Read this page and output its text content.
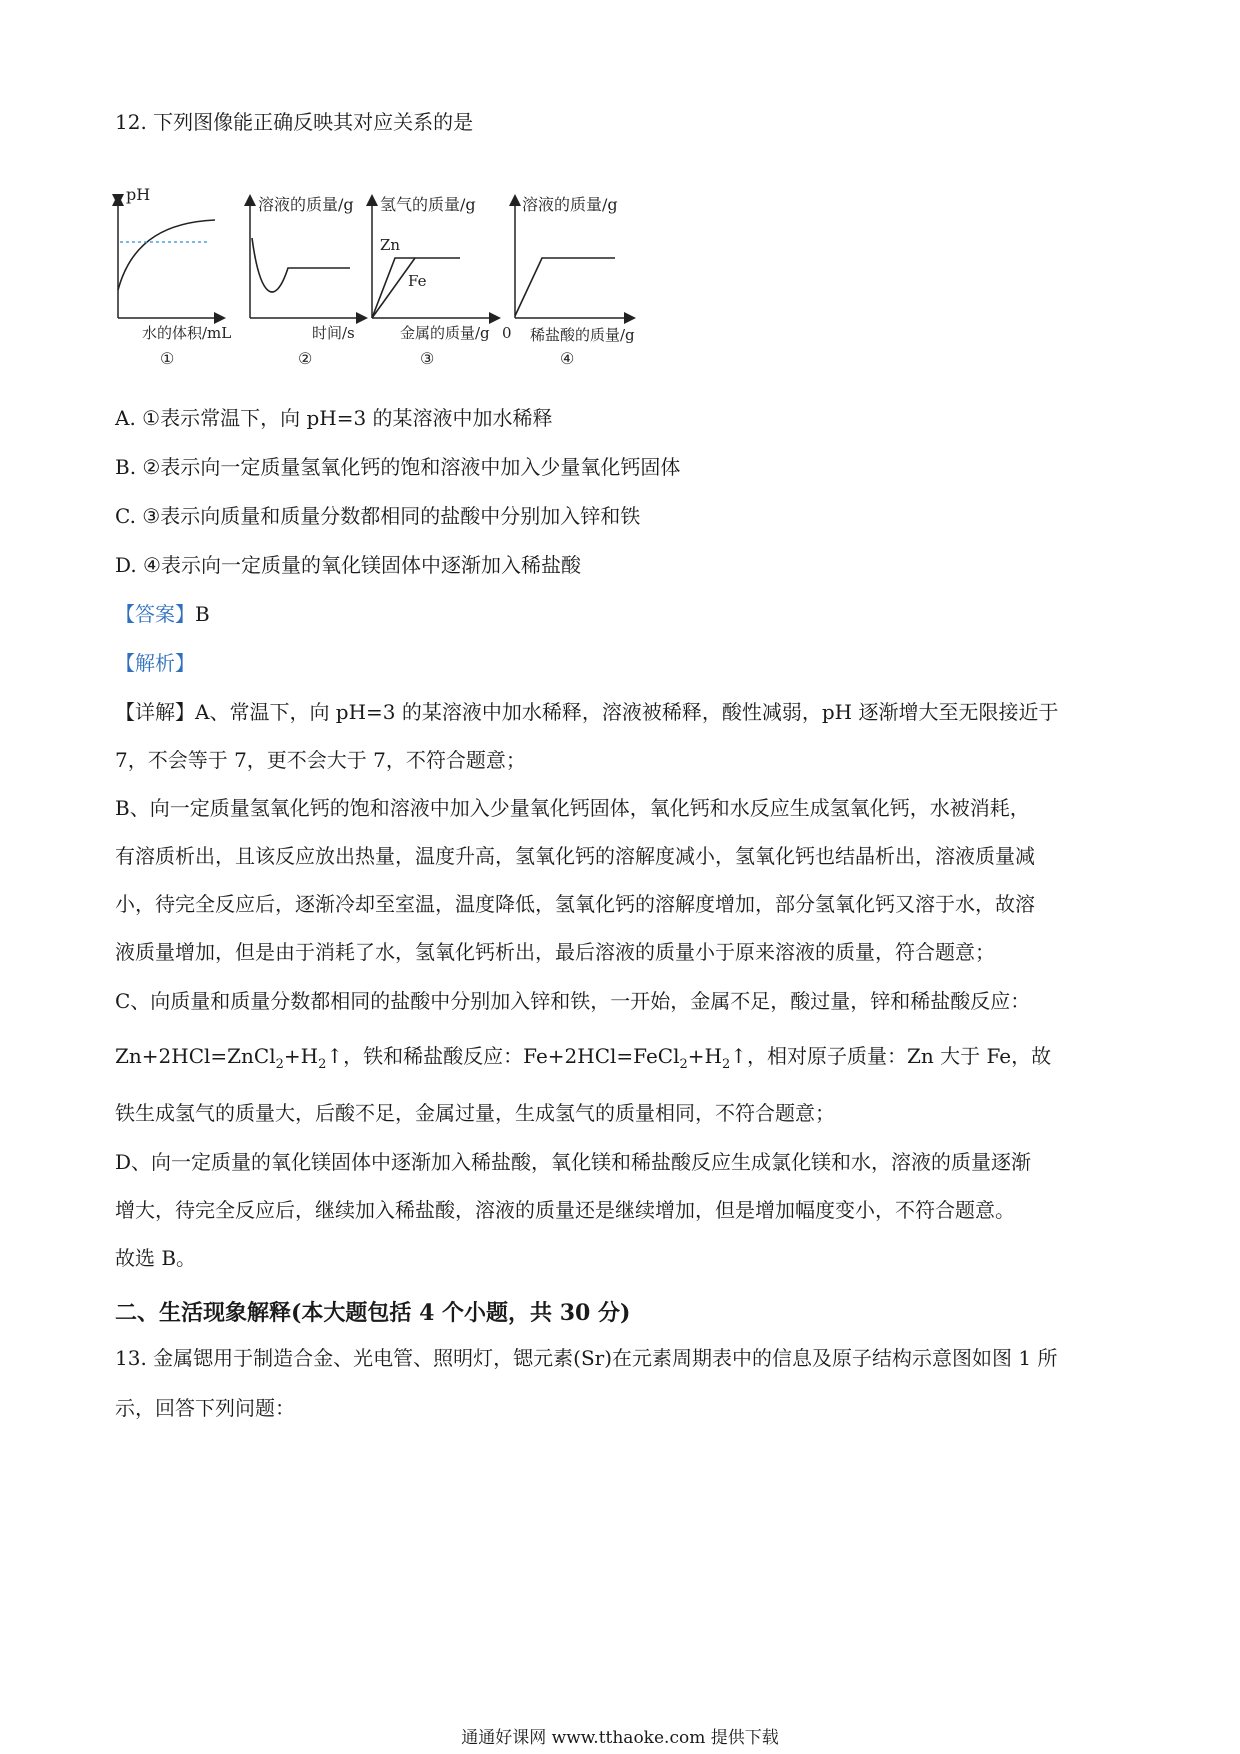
12. 下列图像能正确反映其对应关系的是
pH
溶液的质量/g 氢气的质量/g
Zn
Fe
溶液的质量/g
0
水的体积/mL	时间/s	金属的质量/g	稀盐酸的质量/g
①	②	③	④
A. ①表示常温下，向 pH=3 的某溶液中加水稀释
B. ②表示向一定质量氢氧化钙的饱和溶液中加入少量氧化钙固体
C. ③表示向质量和质量分数都相同的盐酸中分别加入锌和铁
D. ④表示向一定质量的氧化镁固体中逐渐加入稀盐酸
【答案】B
【解析】
【详解】A、常温下，向 pH=3 的某溶液中加水稀释，溶液被稀释，酸性减弱，pH 逐渐增大至无限接近于
7，不会等于 7，更不会大于 7，不符合题意；
B、向一定质量氢氧化钙的饱和溶液中加入少量氧化钙固体，氧化钙和水反应生成氢氧化钙，水被消耗，
有溶质析出，且该反应放出热量，温度升高，氢氧化钙的溶解度减小，氢氧化钙也结晶析出，溶液质量减
小，待完全反应后，逐渐冷却至室温，温度降低，氢氧化钙的溶解度增加，部分氢氧化钙又溶于水，故溶
液质量增加，但是由于消耗了水，氢氧化钙析出，最后溶液的质量小于原来溶液的质量，符合题意；
C、向质量和质量分数都相同的盐酸中分别加入锌和铁，一开始，金属不足，酸过量，锌和稀盐酸反应：
$Zn+2HCl=ZnCl_2+H_2↑$，铁和稀盐酸反应：$Fe+2HCl=FeCl_2+H_2↑$，相对原子质量：Zn 大于 Fe，故
铁生成氢气的质量大，后酸不足，金属过量，生成氢气的质量相同，不符合题意；
D、向一定质量的氧化镁固体中逐渐加入稀盐酸，氧化镁和稀盐酸反应生成氯化镁和水，溶液的质量逐渐
增大，待完全反应后，继续加入稀盐酸，溶液的质量还是继续增加，但是增加幅度变小，不符合题意。
故选 B。
二、生活现象解释(本大题包括 4 个小题，共 30 分)
13. 金属锶用于制造合金、光电管、照明灯，锶元素(Sr)在元素周期表中的信息及原子结构示意图如图 1 所
示，回答下列问题：
通通好课网 www.tthaoke.com 提供下载
